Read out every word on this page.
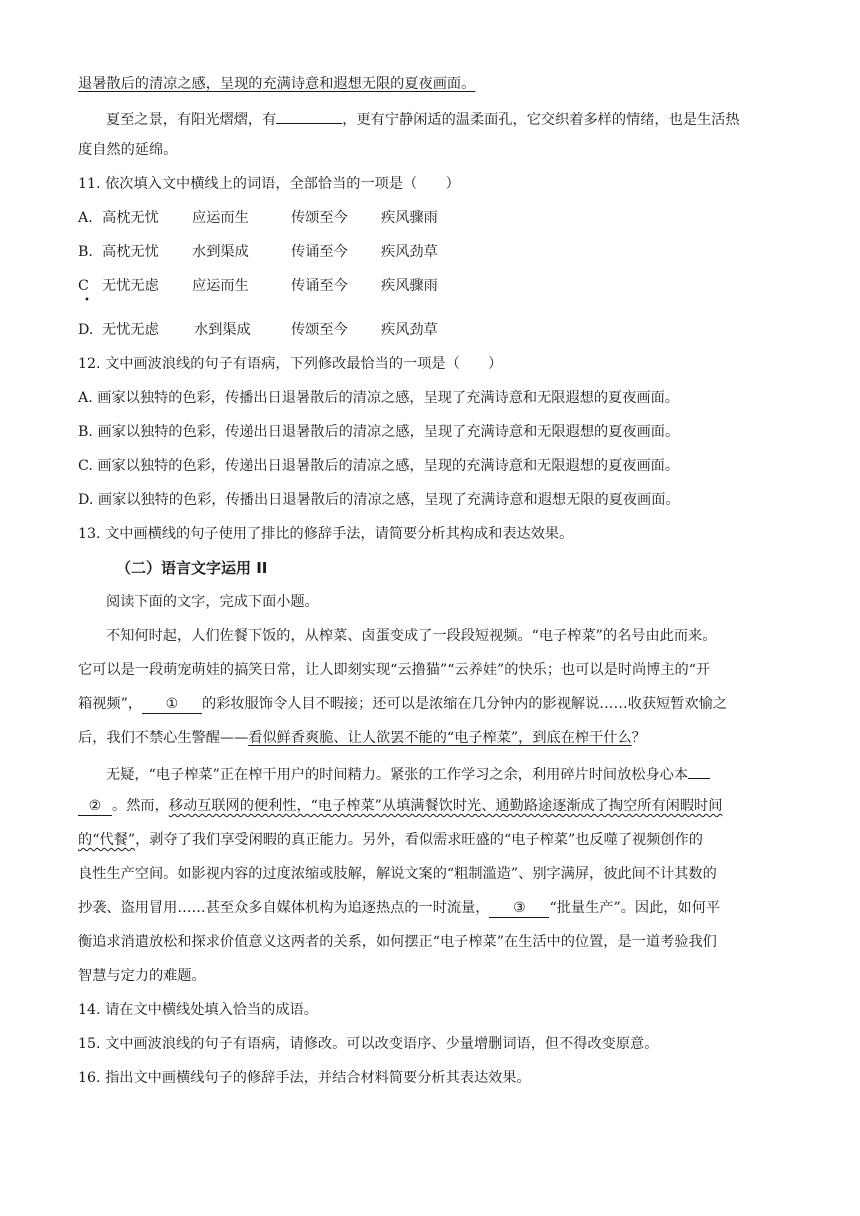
退暑散后的清凉之感，呈现的充满诗意和遐想无限的夏夜画面。
夏至之景，有阳光熠熠，有	，更有宁静闲适的温柔面孔，它交织着多样的情绪，也是生活热
度自然的延绵。
11. 依次填入文中横线上的词语，全部恰当的一项是（　　）
A. 高枕无忧 应运而生	传颂至今 疾风骤雨
B. 高枕无忧 水到渠成	传诵至今 疾风劲草
C 无忧无虑 应运而生	传诵至今 疾风骤雨
•
D. 无忧无虑 水到渠成	传颂至今 疾风劲草
12. 文中画波浪线的句子有语病，下列修改最恰当的一项是（　　）
A. 画家以独特的色彩，传播出日退暑散后的清凉之感，呈现了充满诗意和无限遐想的夏夜画面。
B. 画家以独特的色彩，传递出日退暑散后的清凉之感，呈现了充满诗意和无限遐想的夏夜画面。
C. 画家以独特的色彩，传递出日退暑散后的清凉之感，呈现的充满诗意和无限遐想的夏夜画面。
D. 画家以独特的色彩，传播出日退暑散后的清凉之感，呈现了充满诗意和遐想无限的夏夜画面。
13. 文中画横线的句子使用了排比的修辞手法，请简要分析其构成和表达效果。
（二）语言文字运用 II
阅读下面的文字，完成下面小题。
不知何时起，人们佐餐下饭的，从榨菜、卤蛋变成了一段段短视频。“电子榨菜”的名号由此而来。
它可以是一段萌宠萌娃的搞笑日常，让人即刻实现“云撸猫”“云养娃”的快乐；也可以是时尚博主的“开
箱视频”， ① 的彩妆服饰令人目不暇接；还可以是浓缩在几分钟内的影视解说……收获短暂欢愉之
后，我们不禁心生警醒——看似鲜香爽脆、让人欲罢不能的“电子榨菜”，到底在榨干什么？
无疑，“电子榨菜”正在榨干用户的时间精力。紧张的工作学习之余，利用碎片时间放松身心本
② 。然而，移动互联网的便利性，“电子榨菜”从填满餐饮时光、通勤路途逐渐成了掏空所有闲暇时间
的“代餐”，剥夺了我们享受闲暇的真正能力。另外，看似需求旺盛的“电子榨菜”也反噬了视频创作的
良性生产空间。如影视内容的过度浓缩或肢解，解说文案的“粗制滥造”、别字满屏，彼此间不计其数的
抄袭、盗用冒用……甚至众多自媒体机构为追逐热点的一时流量， ③ “批量生产”。因此，如何平
衡追求消遣放松和探求价值意义这两者的关系，如何摆正“电子榨菜”在生活中的位置，是一道考验我们
智慧与定力的难题。
14. 请在文中横线处填入恰当的成语。
15. 文中画波浪线的句子有语病，请修改。可以改变语序、少量增删词语，但不得改变原意。
16. 指出文中画横线句子的修辞手法，并结合材料简要分析其表达效果。
